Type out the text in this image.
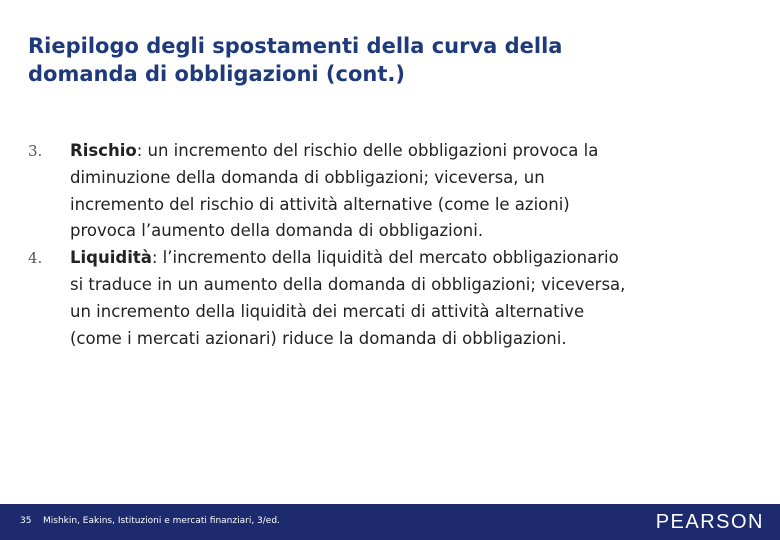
Riepilogo degli spostamenti della curva della
domanda di obbligazioni (cont.)
3. Rischio: un incremento del rischio delle obbligazioni provoca la
diminuzione della domanda di obbligazioni; viceversa, un
incremento del rischio di attività alternative (come le azioni)
provoca l’aumento della domanda di obbligazioni.
4. Liquidità: l’incremento della liquidità del mercato obbligazionario
si traduce in un aumento della domanda di obbligazioni; viceversa,
un incremento della liquidità dei mercati di attività alternative
(come i mercati azionari) riduce la domanda di obbligazioni.
35 Mishkin, Eakins, Istituzioni e mercati finanziari, 3/ed.	PEARSON
